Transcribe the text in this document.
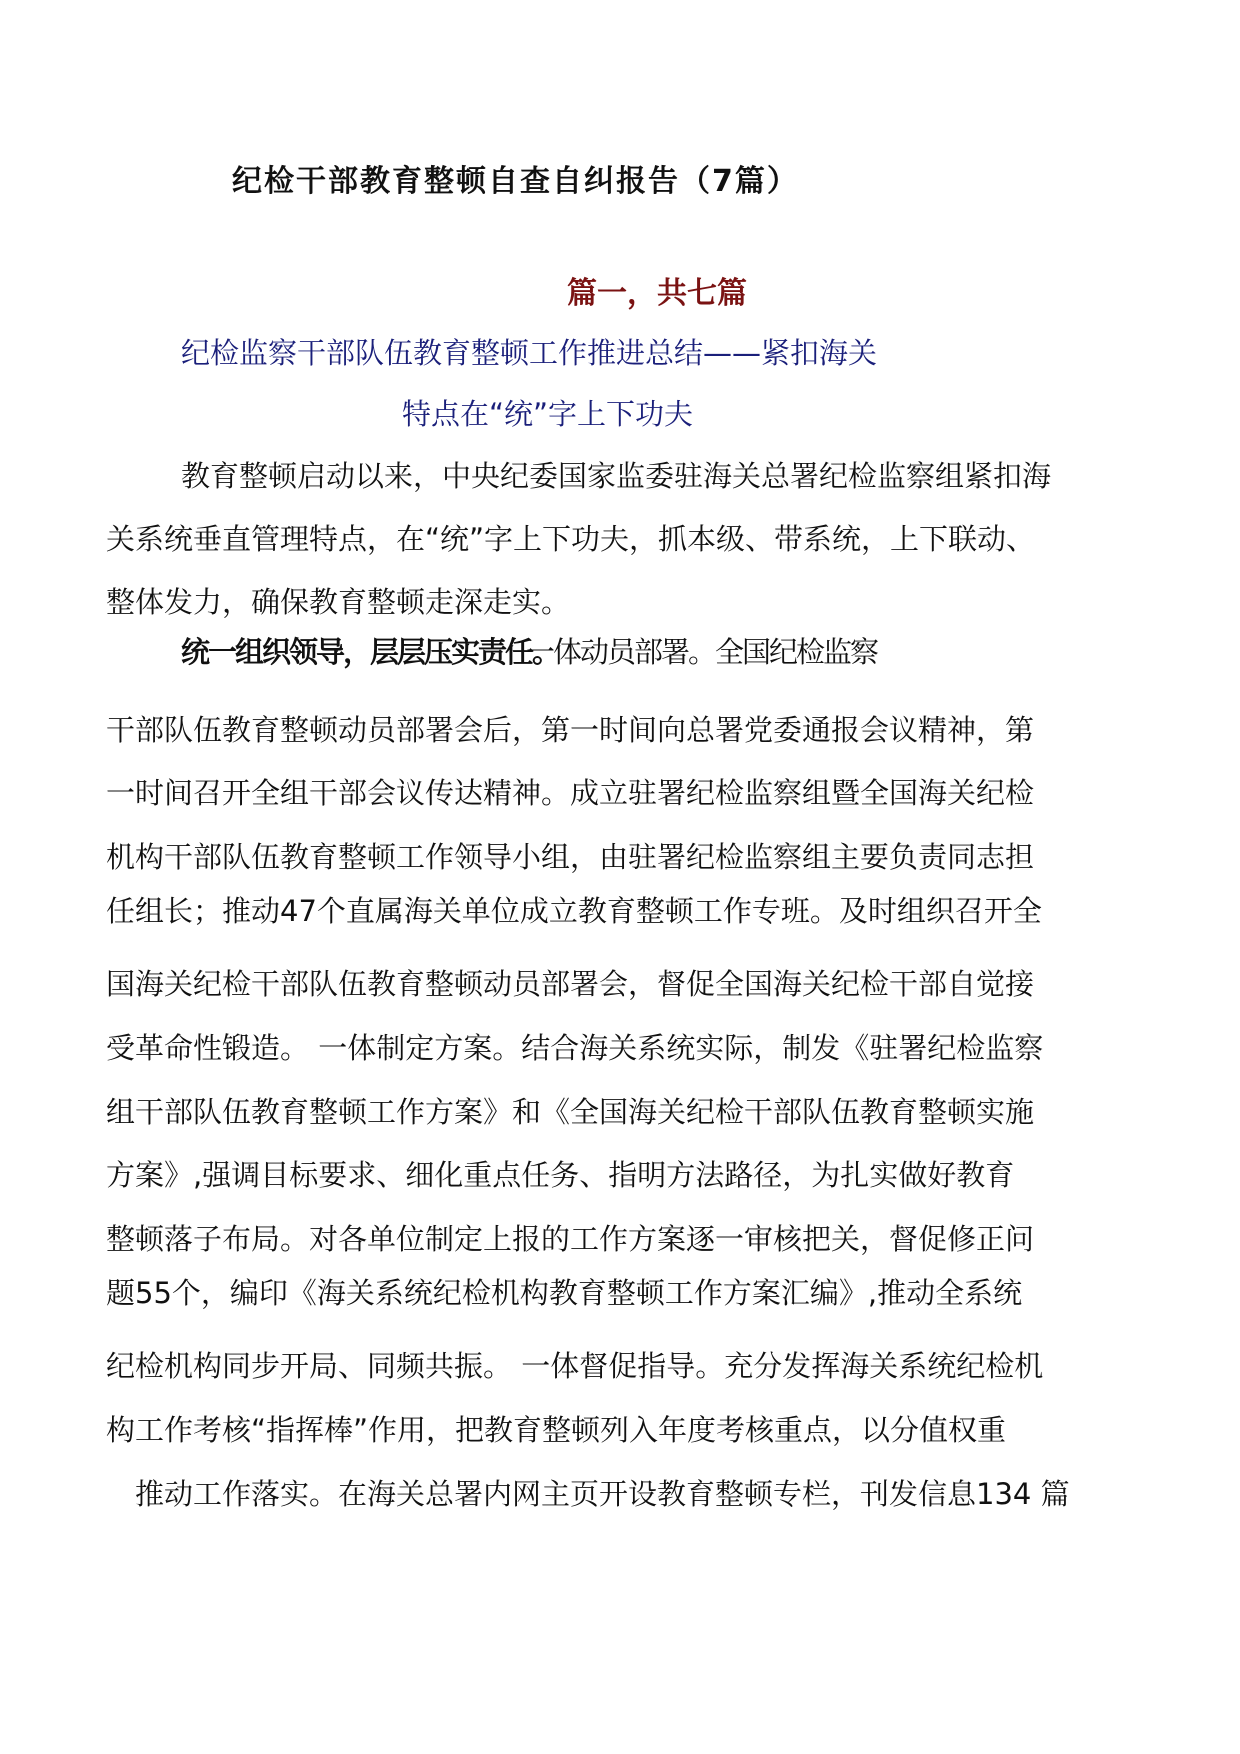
纪检干部教育整顿自查自纠报告（7篇）
篇一，共七篇
纪检监察干部队伍教育整顿工作推进总结——紧扣海关
特点在“统”字上下功夫
教育整顿启动以来，中央纪委国家监委驻海关总署纪检监察组紧扣海
关系统垂直管理特点，在“统”字上下功夫，抓本级、带系统，上下联动、
整体发力，确保教育整顿走深走实。
统一组织领导，层层压实责任。
一体动员部署。全国纪检监察
干部队伍教育整顿动员部署会后，第一时间向总署党委通报会议精神，第
一时间召开全组干部会议传达精神。成立驻署纪检监察组暨全国海关纪检
机构干部队伍教育整顿工作领导小组，由驻署纪检监察组主要负责同志担
任组长；推动47个直属海关单位成立教育整顿工作专班。及时组织召开全
国海关纪检干部队伍教育整顿动员部署会，督促全国海关纪检干部自觉接
受革命性锻造。 一体制定方案。结合海关系统实际，制发《驻署纪检监察
组干部队伍教育整顿工作方案》和《全国海关纪检干部队伍教育整顿实施
方案》,强调目标要求、细化重点任务、指明方法路径，为扎实做好教育
整顿落子布局。对各单位制定上报的工作方案逐一审核把关，督促修正问
题55个，编印《海关系统纪检机构教育整顿工作方案汇编》,推动全系统
纪检机构同步开局、同频共振。 一体督促指导。充分发挥海关系统纪检机
构工作考核“指挥棒”作用，把教育整顿列入年度考核重点，以分值权重
推动工作落实。在海关总署内网主页开设教育整顿专栏，刊发信息134 篇
